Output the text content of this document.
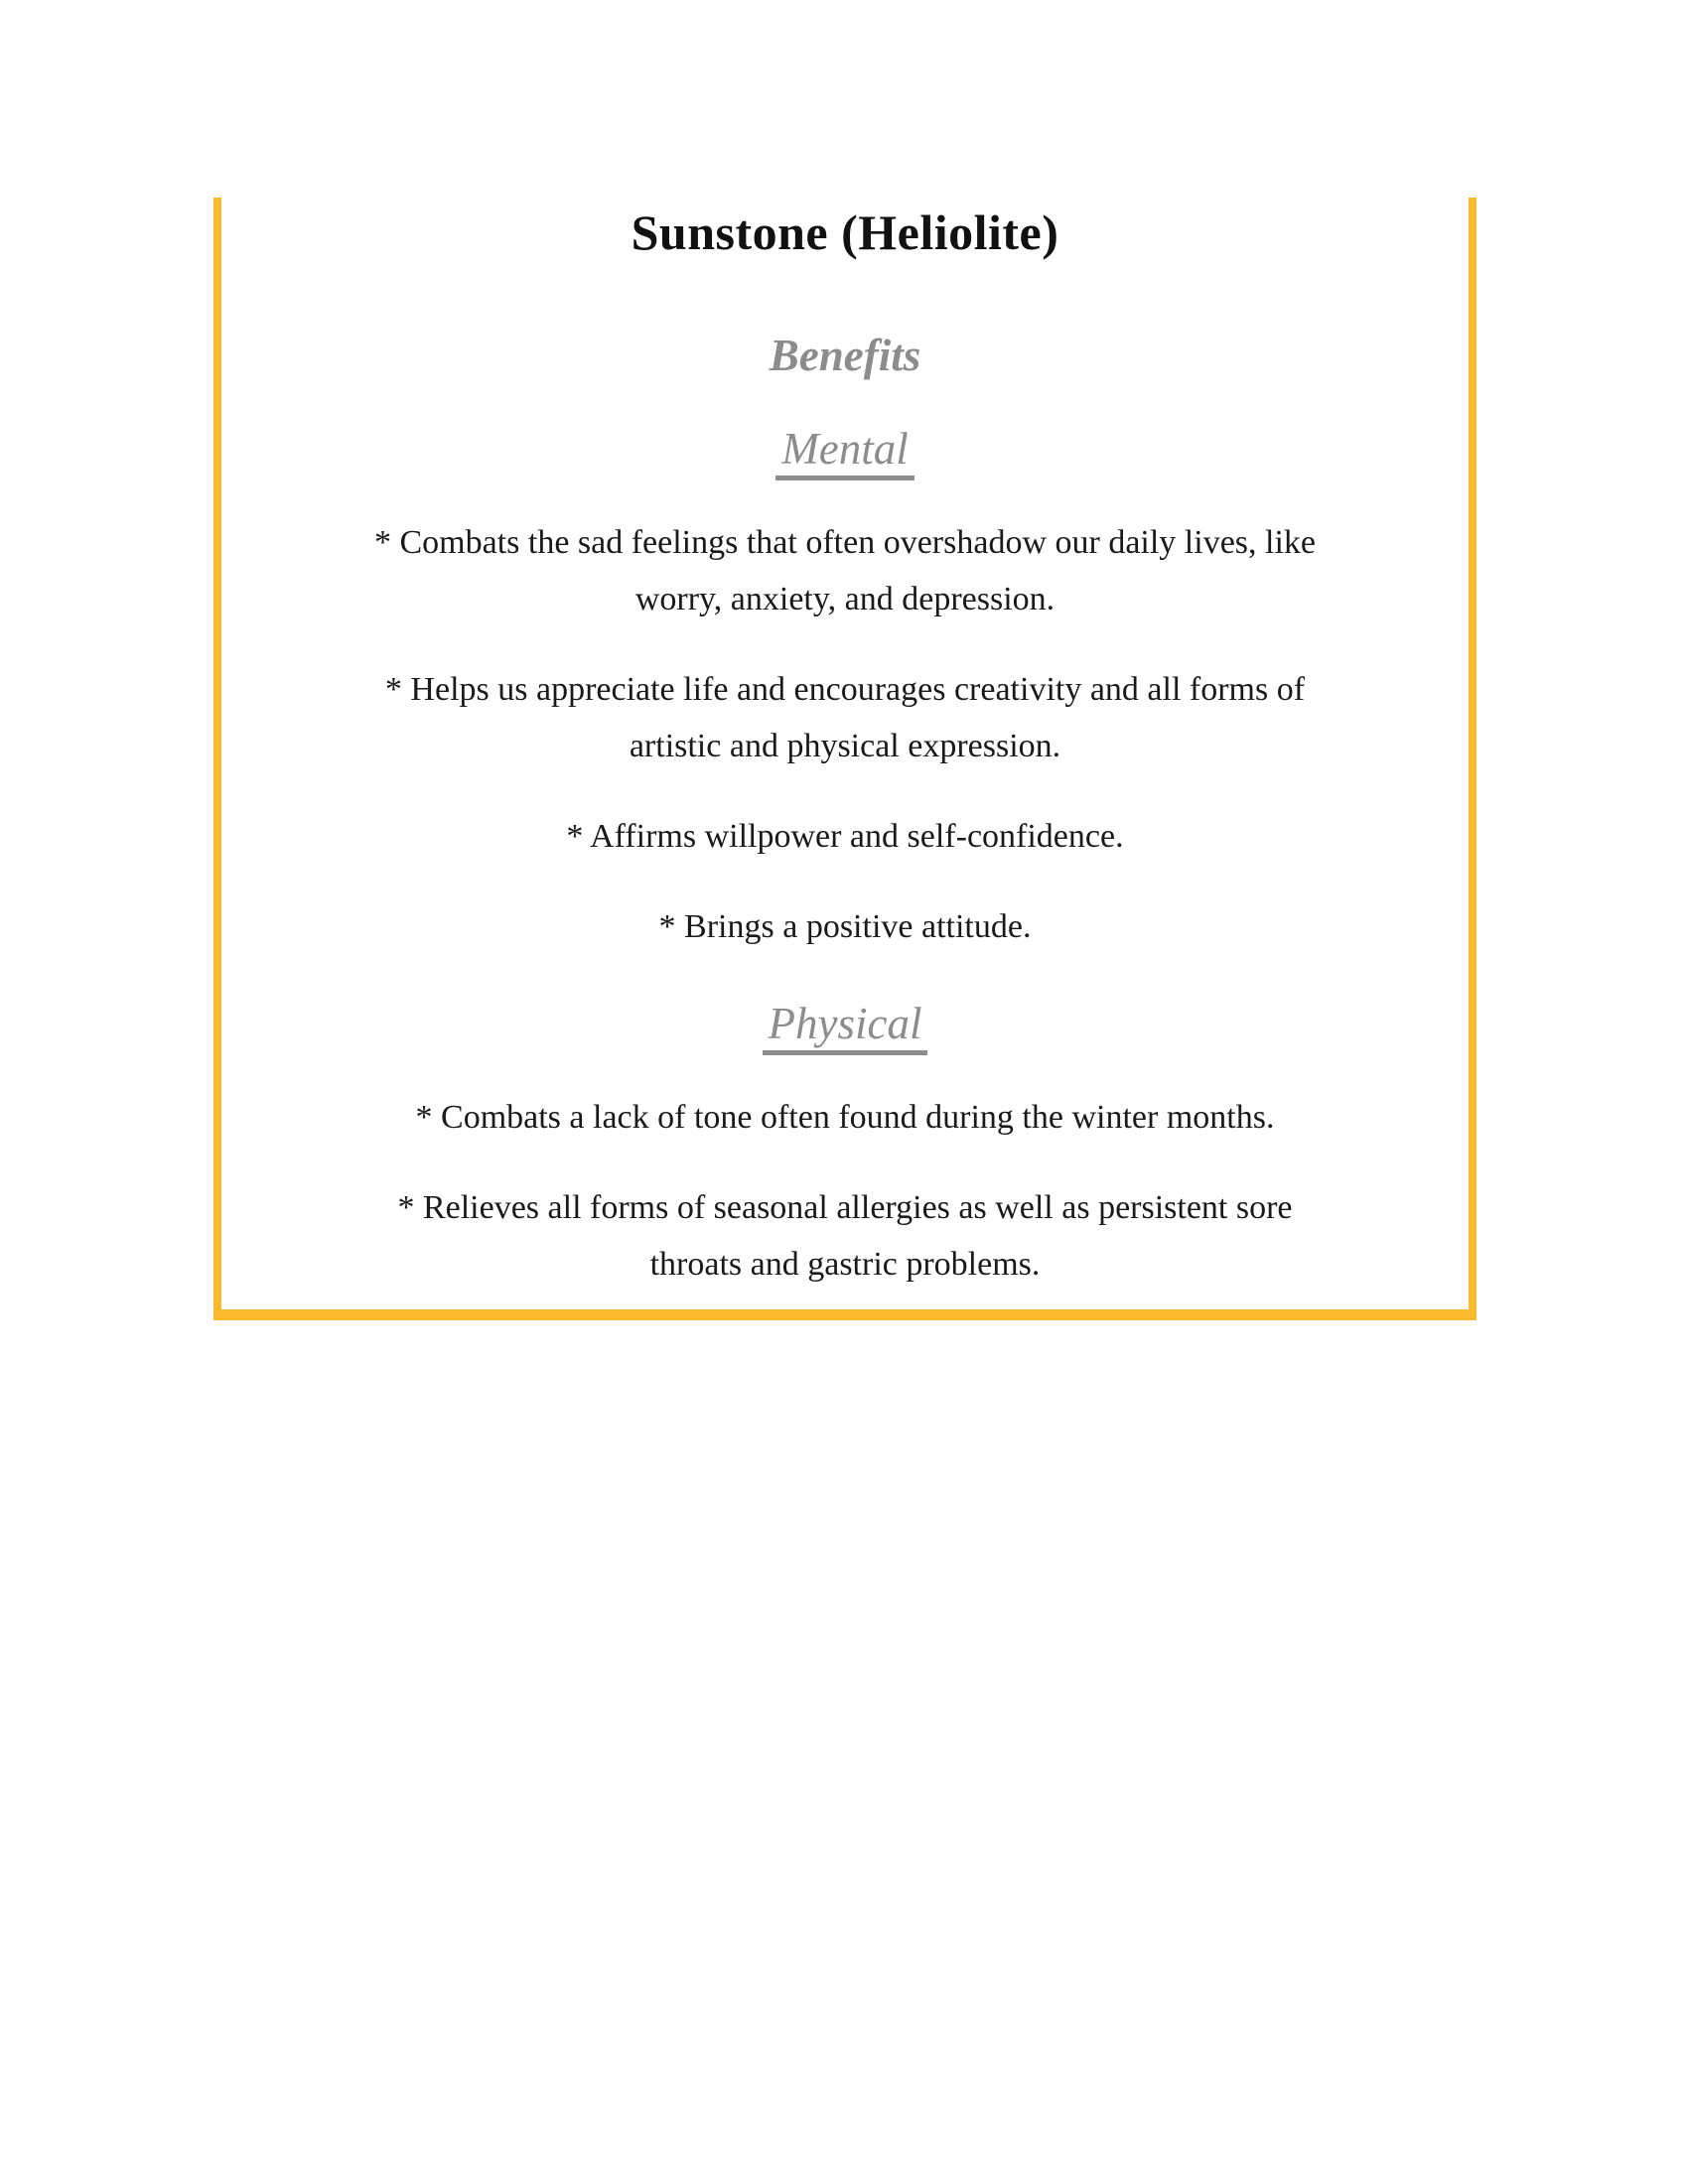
Sunstone (Heliolite)
Benefits
Mental

* Combats the sad feelings that often overshadow our daily lives, like
worry, anxiety, and depression.

* Helps us appreciate life and encourages creativity and all forms of
artistic and physical expression.

* Affirms willpower and self-confidence.

* Brings a positive attitude.

Physical

* Combats a lack of tone often found during the winter months.

* Relieves all forms of seasonal allergies as well as persistent sore
throats and gastric problems.
